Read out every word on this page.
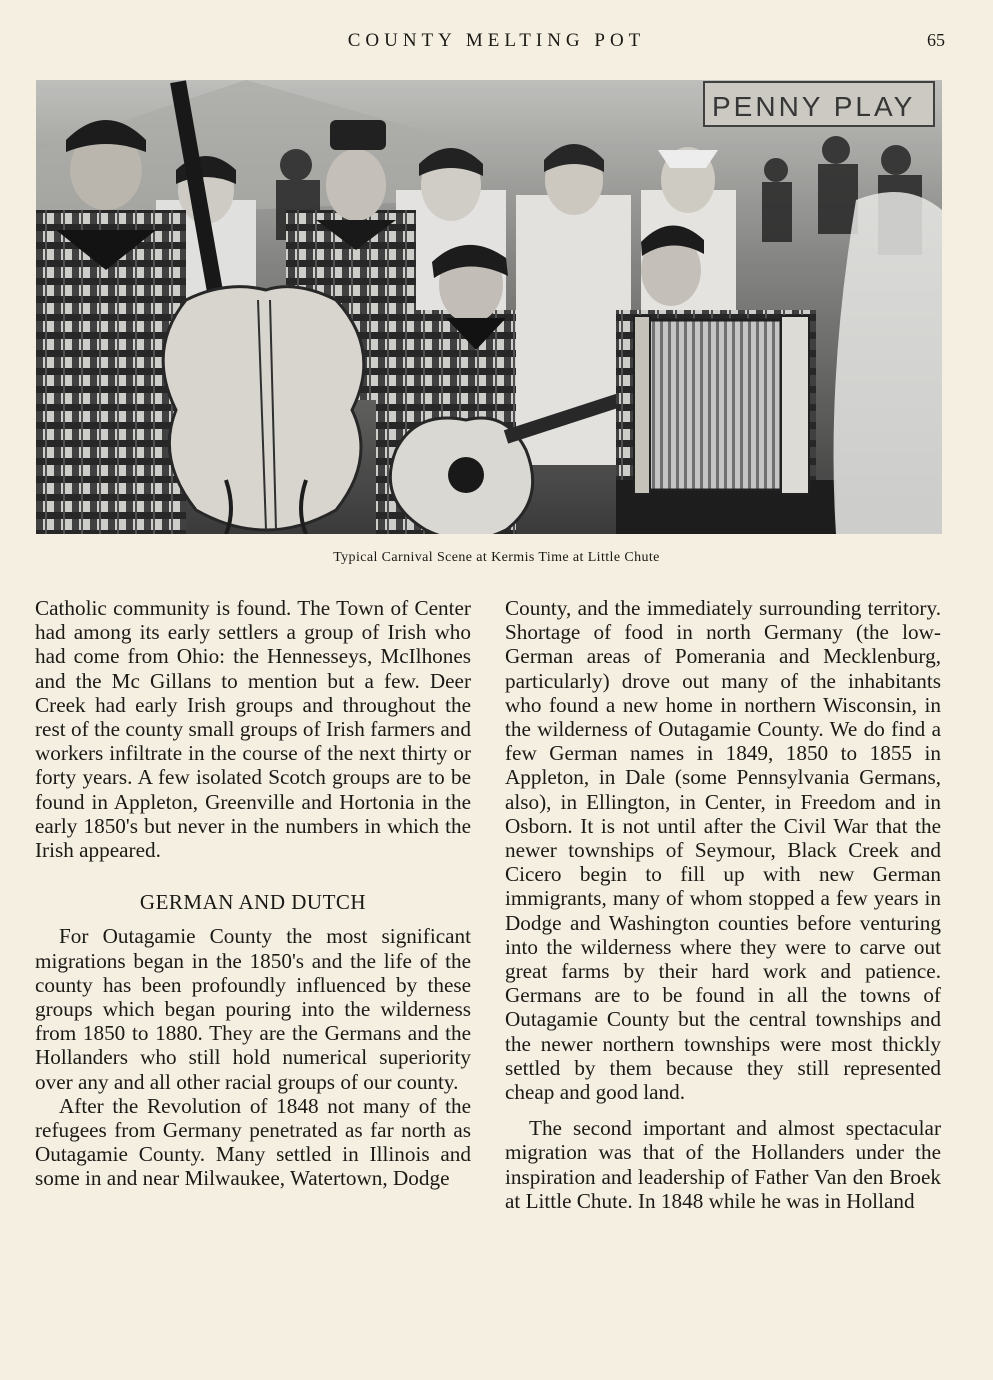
COUNTY MELTING POT	65
PENNY PLAY
Typical Carnival Scene at Kermis Time at Little Chute

Catholic community is found. The Town of Center had among its early settlers a group of Irish who had come from Ohio: the Hennesseys, McIlhones and the Mc Gillans to mention but a few. Deer Creek had early Irish groups and throughout the rest of the county small groups of Irish farmers and workers infiltrate in the course of the next thirty or forty years. A few isolated Scotch groups are to be found in Appleton, Greenville and Hortonia in the early 1850's but never in the numbers in which the Irish appeared.

GERMAN AND DUTCH

For Outagamie County the most significant migrations began in the 1850's and the life of the county has been profoundly influenced by these groups which began pouring into the wilderness from 1850 to 1880. They are the Germans and the Hollanders who still hold numerical superiority over any and all other racial groups of our county.

After the Revolution of 1848 not many of the refugees from Germany penetrated as far north as Outagamie County. Many settled in Illinois and some in and near Milwaukee, Watertown, Dodge

County, and the immediately surrounding territory. Shortage of food in north Germany (the low-German areas of Pomerania and Mecklenburg, particularly) drove out many of the inhabitants who found a new home in northern Wisconsin, in the wilderness of Outagamie County. We do find a few German names in 1849, 1850 to 1855 in Appleton, in Dale (some Pennsylvania Germans, also), in Ellington, in Center, in Freedom and in Osborn. It is not until after the Civil War that the newer townships of Seymour, Black Creek and Cicero begin to fill up with new German immigrants, many of whom stopped a few years in Dodge and Washington counties before venturing into the wilderness where they were to carve out great farms by their hard work and patience. Germans are to be found in all the towns of Outagamie County but the central townships and the newer northern townships were most thickly settled by them because they still represented cheap and good land.

The second important and almost spectacular migration was that of the Hollanders under the inspiration and leadership of Father Van den Broek at Little Chute. In 1848 while he was in Holland
